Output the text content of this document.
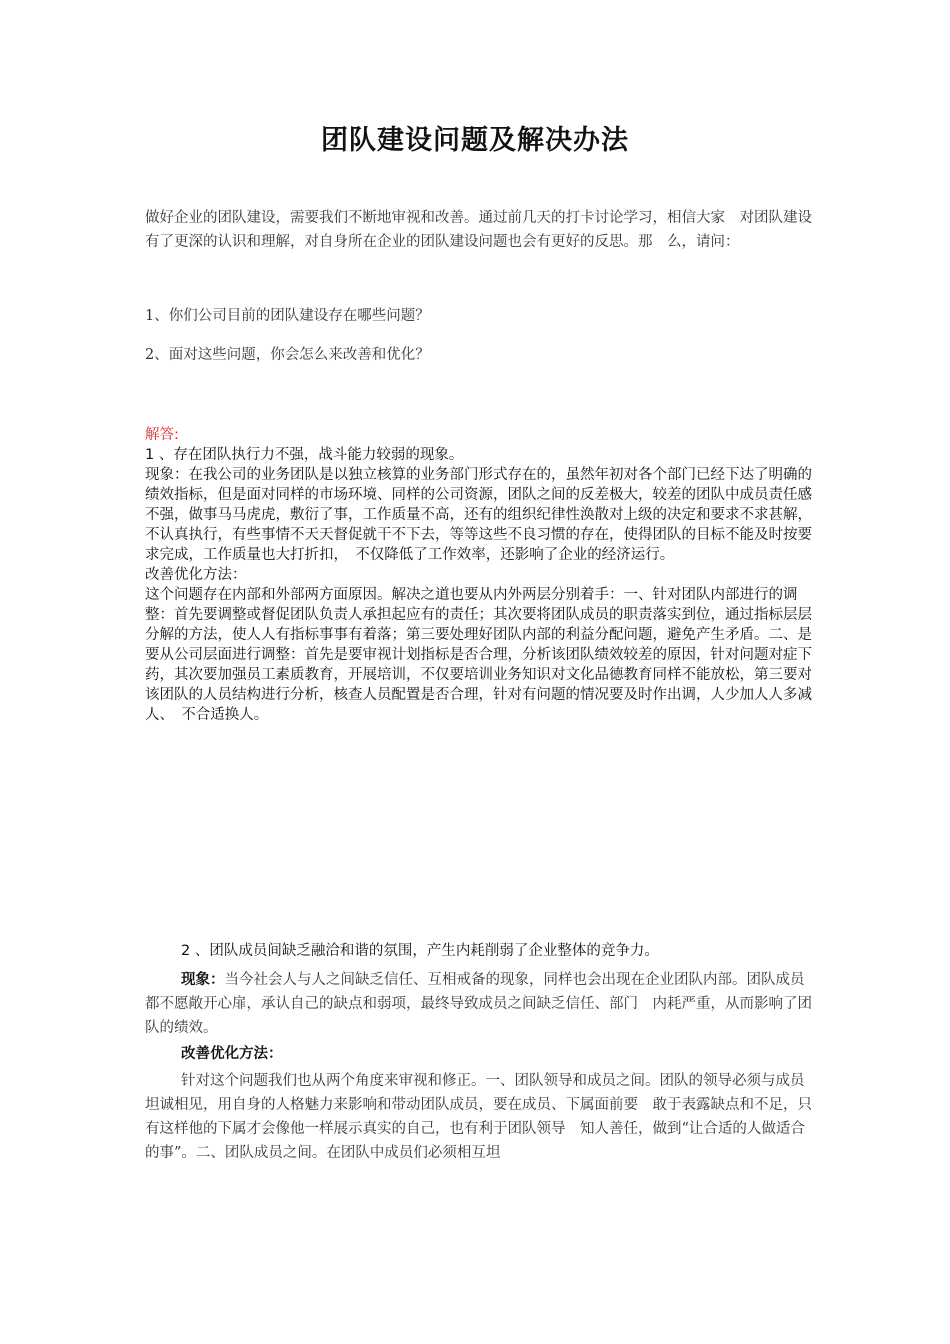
团队建设问题及解决办法
做好企业的团队建设，需要我们不断地审视和改善。通过前几天的打卡讨论学习，相信大家　对团队建设有了更深的认识和理解，对自身所在企业的团队建设问题也会有更好的反思。那　么，请问：
1、你们公司目前的团队建设存在哪些问题？
2、面对这些问题，你会怎么来改善和优化？

解答:

1 、存在团队执行力不强，战斗能力较弱的现象。

现象：在我公司的业务团队是以独立核算的业务部门形式存在的，虽然年初对各个部门已经下达了明确的绩效指标，但是面对同样的市场环境、同样的公司资源，团队之间的反差极大，较差的团队中成员责任感不强，做事马马虎虎，敷衍了事，工作质量不高，还有的组织纪律性涣散对上级的决定和要求不求甚解，不认真执行，有些事情不天天督促就干不下去，等等这些不良习惯的存在，使得团队的目标不能及时按要求完成，工作质量也大打折扣，　不仅降低了工作效率，还影响了企业的经济运行。

改善优化方法：

这个问题存在内部和外部两方面原因。解决之道也要从内外两层分别着手：一、针对团队内部进行的调整：首先要调整或督促团队负责人承担起应有的责任；其次要将团队成员的职责落实到位，通过指标层层分解的方法，使人人有指标事事有着落；第三要处理好团队内部的利益分配问题，避免产生矛盾。二、是要从公司层面进行调整：首先是要审视计划指标是否合理，分析该团队绩效较差的原因，针对问题对症下药，其次要加强员工素质教育，开展培训，不仅要培训业务知识对文化品德教育同样不能放松，第三要对该团队的人员结构进行分析，核查人员配置是否合理，针对有问题的情况要及时作出调，人少加人人多减人、　不合适换人。

2 、团队成员间缺乏融洽和谐的氛围，产生内耗削弱了企业整体的竞争力。
现象：当今社会人与人之间缺乏信任、互相戒备的现象，同样也会出现在企业团队内部。团队成员都不愿敞开心扉，承认自己的缺点和弱项，最终导致成员之间缺乏信任、部门　内耗严重，从而影响了团队的绩效。
改善优化方法：
针对这个问题我们也从两个角度来审视和修正。一、团队领导和成员之间。团队的领导必须与成员坦诚相见，用自身的人格魅力来影响和带动团队成员，要在成员、下属面前要　敢于表露缺点和不足，只有这样他的下属才会像他一样展示真实的自己，也有利于团队领导　知人善任，做到“让合适的人做适合的事”。二、团队成员之间。在团队中成员们必须相互坦
